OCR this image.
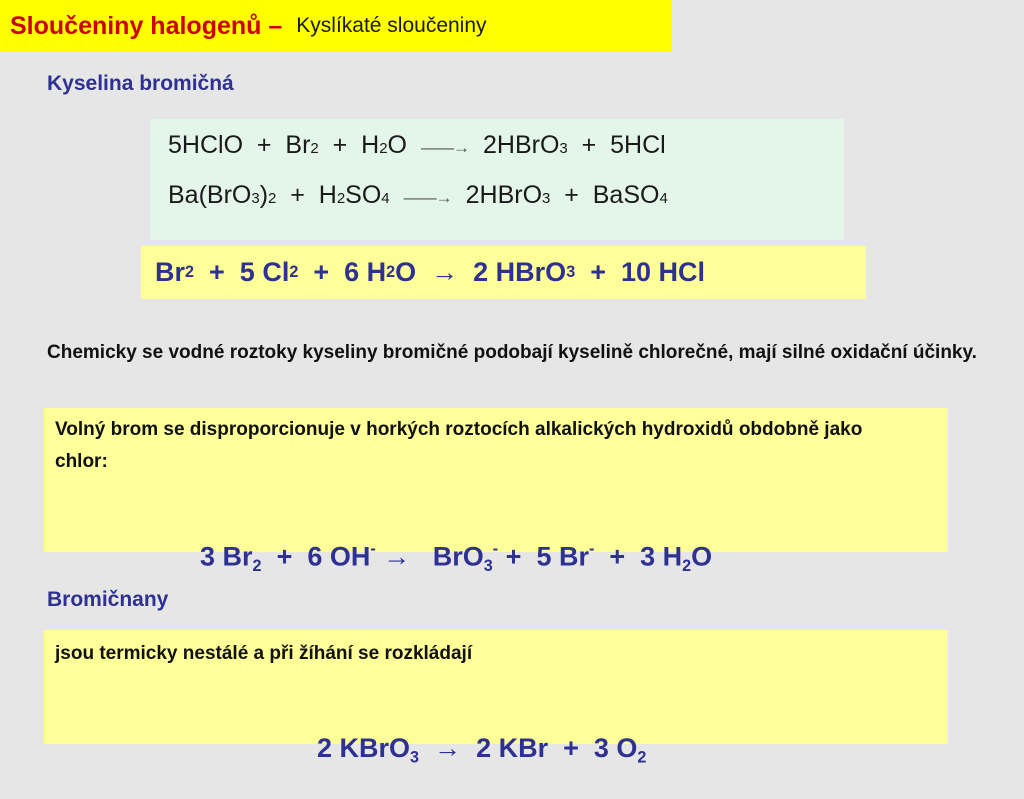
Sloučeniny halogenů – Kyslíkaté sloučeniny
Kyselina bromičná
5HClO  +  Br 2 +  H 2 O ——→ 2HBrO 3 +  5HCl
Ba(BrO 3 ) 2 +  H 2 SO 4 ——→ 2HBrO 3 +  BaSO 4
Br 2 +  5 Cl 2 +  6 H 2 O  →  2 HBrO 3 +  10 HCl
Chemicky se vodné roztoky kyseliny bromičné podobají kyselině chlorečné, mají silné oxidační účinky.
Volný brom se disproporcionuje v horkých roztocích alkalických hydroxidů obdobně jako chlor:

3 $Br_2 + 6$ OH- →   BrO$_3$- +  5 Br-  +  3 $H_2O$

Bromičnany
jsou termicky nestálé a při žíhání se rozkládají

2 KBrO$_3$  →  2 KBr  +  3 $O_2$
